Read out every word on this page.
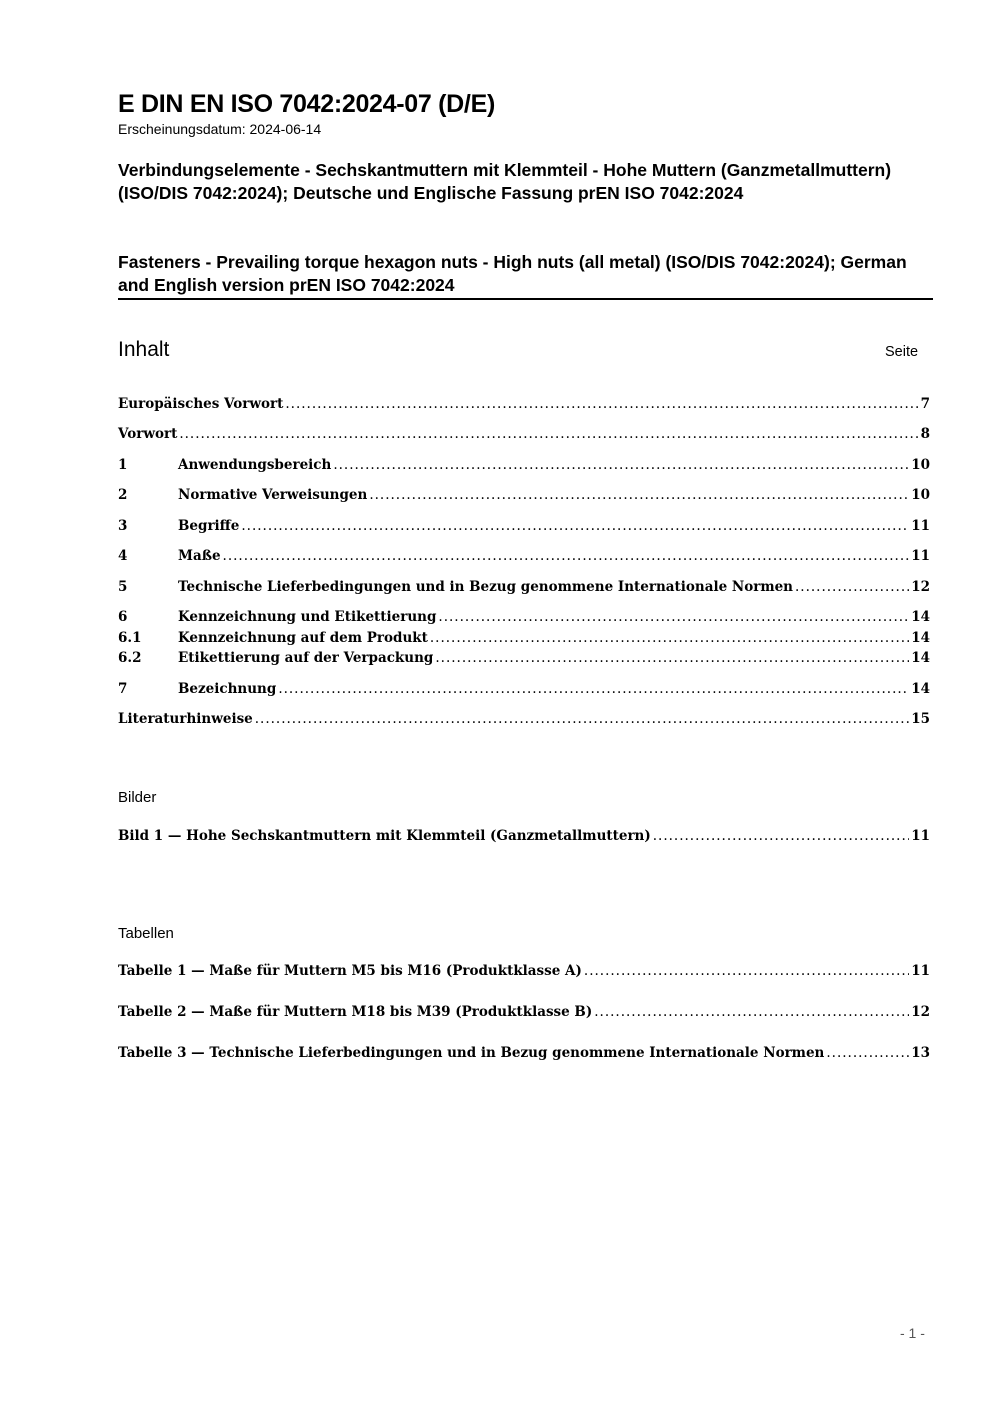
E DIN EN ISO 7042:2024-07 (D/E)
Erscheinungsdatum: 2024-06-14
Verbindungselemente - Sechskantmuttern mit Klemmteil - Hohe Muttern (Ganzmetallmuttern) (ISO/DIS 7042:2024); Deutsche und Englische Fassung prEN ISO 7042:2024
Fasteners - Prevailing torque hexagon nuts - High nuts (all metal) (ISO/DIS 7042:2024); German and English version prEN ISO 7042:2024
Inhalt	Seite
Europäisches Vorwort .....	7
Vorwort .....	8
1	Anwendungsbereich .....	10
2	Normative Verweisungen .....	10
3	Begriffe .....	11
4	Maße .....	11
5	Technische Lieferbedingungen und in Bezug genommene Internationale Normen .....	12
6	Kennzeichnung und Etikettierung .....	14
6.1	Kennzeichnung auf dem Produkt .....	14
6.2	Etikettierung auf der Verpackung .....	14
7	Bezeichnung .....	14
Literaturhinweise .....	15
Bilder
Bild 1 — Hohe Sechskantmuttern mit Klemmteil (Ganzmetallmuttern) .....	11
Tabellen
Tabelle 1 — Maße für Muttern M5 bis M16 (Produktklasse A) .....	11
Tabelle 2 — Maße für Muttern M18 bis M39 (Produktklasse B) .....	12
Tabelle 3 — Technische Lieferbedingungen und in Bezug genommene Internationale Normen .....	13
- 1 -
